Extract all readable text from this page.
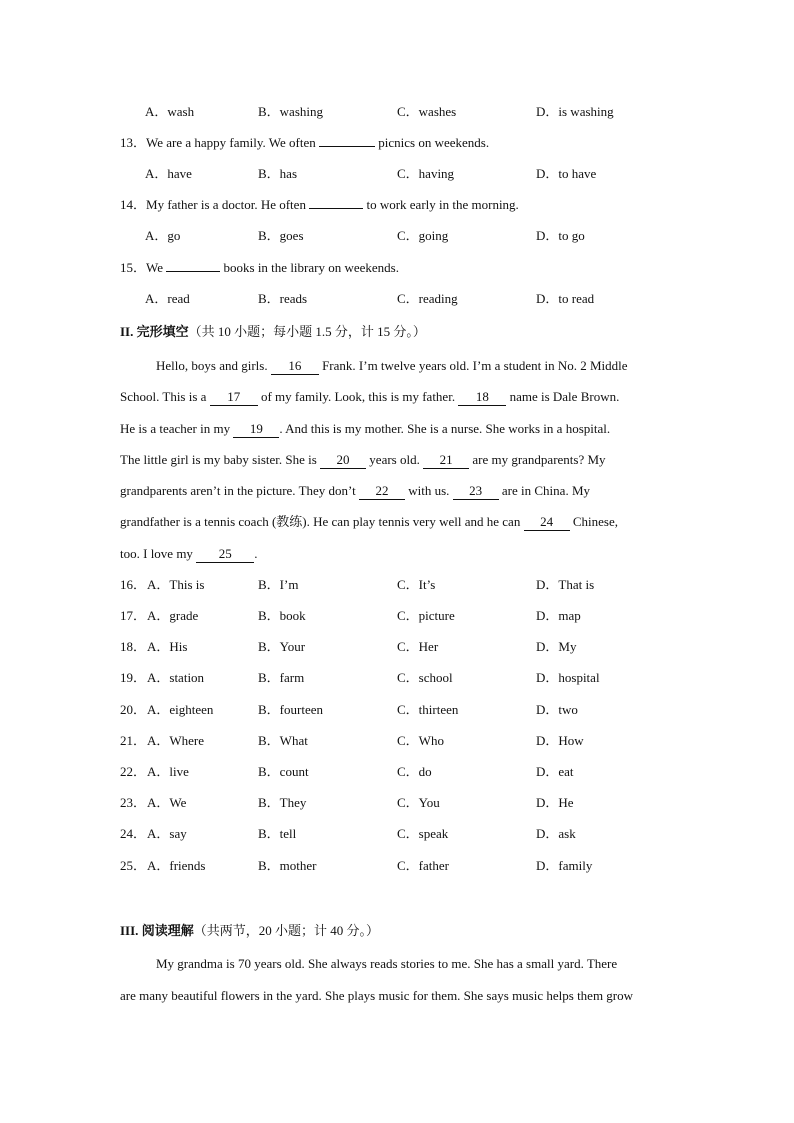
A．wash	B．washing	C．washes	D．is washing
13．We are a happy family. We often	picnics on weekends.
A．have	B．has	C．having	D．to have
14．My father is a doctor. He often	to work early in the morning.
A．go	B．goes	C．going	D．to go
15．We	books in the library on weekends.
A．read	B．reads	C．reading	D．to read
II. 完形填空（共 10 小题；每小题 1.5 分，计 15 分。）
Hello, boys and girls. 16 Frank. I’m twelve years old. I’m a student in No. 2 Middle
School. This is a 17 of my family. Look, this is my father. 18 name is Dale Brown.
He is a teacher in my 19 . And this is my mother. She is a nurse. She works in a hospital.
The little girl is my baby sister. She is 20 years old. 21 are my grandparents? My
grandparents aren’t in the picture. They don’t 22 with us. 23 are in China. My
grandfather is a tennis coach (教练). He can play tennis very well and he can 24 Chinese,
too. I love my 25 .
16． A．This is	B．I’m	C．It’s	D．That is
17． A．grade	B．book	C．picture	D．map
18． A．His	B．Your	C．Her	D．My
19． A．station	B．farm	C．school	D．hospital
20． A．eighteen	B．fourteen	C．thirteen	D．two
21． A．Where	B．What	C．Who	D．How
22． A．live	B．count	C．do	D．eat
23． A．We	B．They	C．You	D．He
24． A．say	B．tell	C．speak	D．ask
25． A．friends	B．mother	C．father	D．family
III. 阅读理解（共两节，20 小题；计 40 分。）
My grandma is 70 years old. She always reads stories to me. She has a small yard. There
are many beautiful flowers in the yard. She plays music for them. She says music helps them grow
